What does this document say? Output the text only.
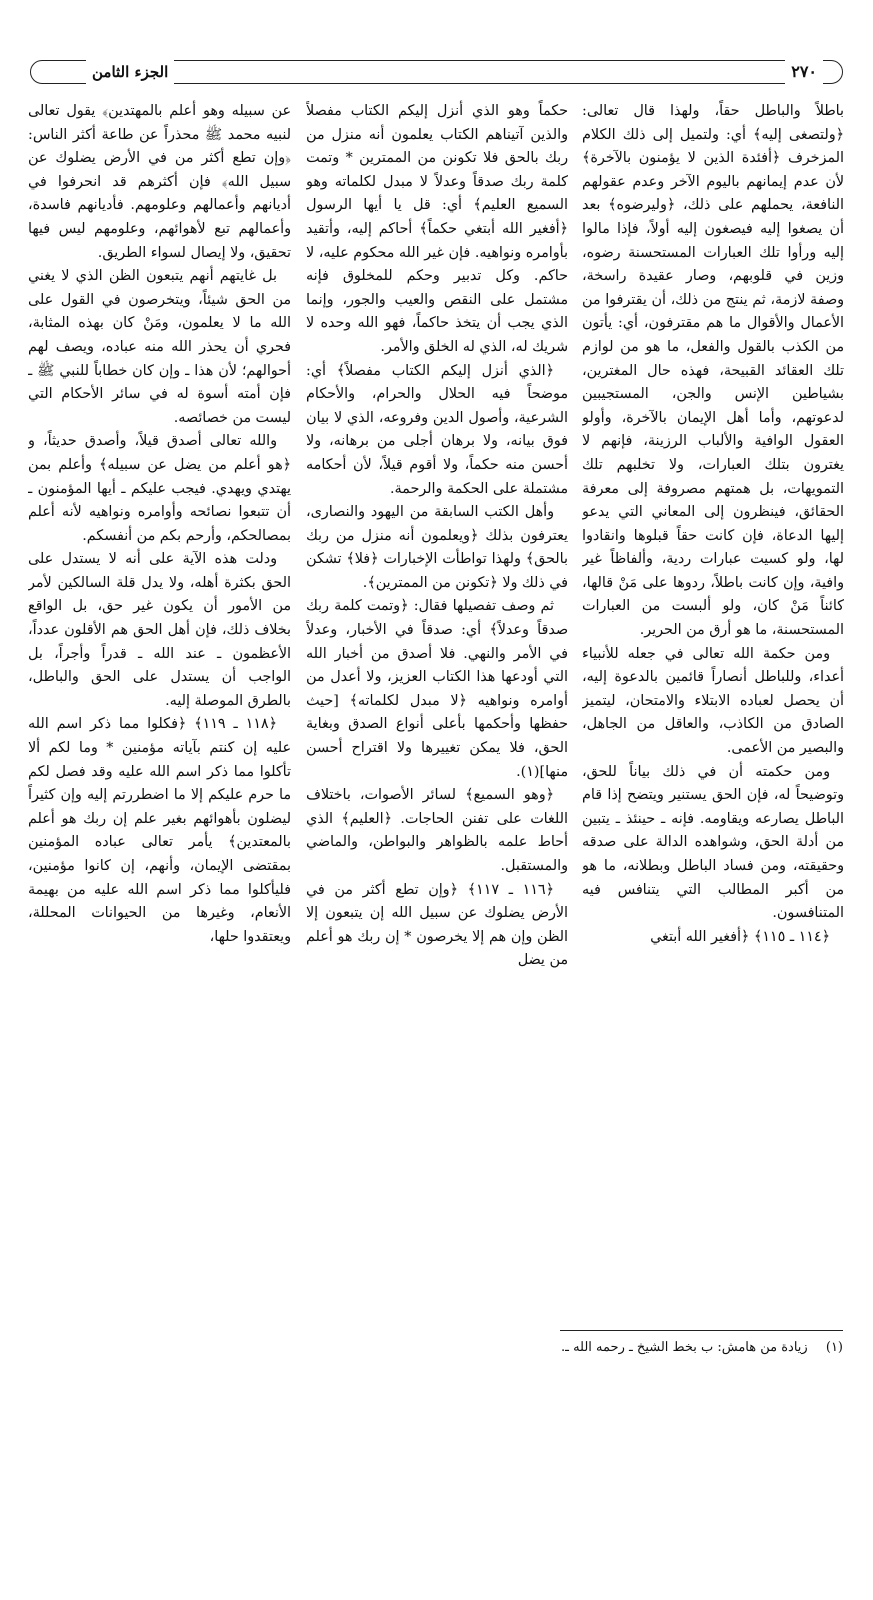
٢٧٠
الجزء الثامن

باطلاً والباطل حقاً، ولهذا قال تعالى: ﴿ولتصغى إليه﴾ أي: ولتميل إلى ذلك الكلام المزخرف ﴿أفئدة الذين لا يؤمنون بالآخرة﴾ لأن عدم إيمانهم باليوم الآخر وعدم عقولهم النافعة، يحملهم على ذلك، ﴿وليرضوه﴾ بعد أن يصغوا إليه فيصغون إليه أولاً، فإذا مالوا إليه ورأوا تلك العبارات المستحسنة رضوه، وزين في قلوبهم، وصار عقيدة راسخة، وصفة لازمة، ثم ينتج من ذلك، أن يقترفوا من الأعمال والأقوال ما هم مقترفون، أي: يأتون من الكذب بالقول والفعل، ما هو من لوازم تلك العقائد القبيحة، فهذه حال المغترين، بشياطين الإنس والجن، المستجيبين لدعوتهم، وأما أهل الإيمان بالآخرة، وأولو العقول الوافية والألباب الرزينة، فإنهم لا يغترون بتلك العبارات، ولا تخلبهم تلك التمويهات، بل همتهم مصروفة إلى معرفة الحقائق، فينظرون إلى المعاني التي يدعو إليها الدعاة، فإن كانت حقاً قبلوها وانقادوا لها، ولو كسيت عبارات ردية، وألفاظاً غير وافية، وإن كانت باطلاً، ردوها على مَنْ قالها، كائناً مَنْ كان، ولو ألبست من العبارات المستحسنة، ما هو أرق من الحرير.

ومن حكمة الله تعالى في جعله للأنبياء أعداء، وللباطل أنصاراً قائمين بالدعوة إليه، أن يحصل لعباده الابتلاء والامتحان، ليتميز الصادق من الكاذب، والعاقل من الجاهل، والبصير من الأعمى.

ومن حكمته أن في ذلك بياناً للحق، وتوضيحاً له، فإن الحق يستنير ويتضح إذا قام الباطل يصارعه ويقاومه. فإنه ـ حينئذ ـ يتبين من أدلة الحق، وشواهده الدالة على صدقه وحقيقته، ومن فساد الباطل وبطلانه، ما هو من أكبر المطالب التي يتنافس فيه المتنافسون.

﴿١١٤ ـ ١١٥﴾ ﴿أفغير الله أبتغي

حكماً وهو الذي أنزل إليكم الكتاب مفصلاً والذين آتيناهم الكتاب يعلمون أنه منزل من ربك بالحق فلا تكونن من الممترين * وتمت كلمة ربك صدقاً وعدلاً لا مبدل لكلماته وهو السميع العليم﴾ أي: قل يا أيها الرسول ﴿أفغير الله أبتغي حكماً﴾ أحاكم إليه، وأتقيد بأوامره ونواهيه. فإن غير الله محكوم عليه، لا حاكم. وكل تدبير وحكم للمخلوق فإنه مشتمل على النقص والعيب والجور، وإنما الذي يجب أن يتخذ حاكماً، فهو الله وحده لا شريك له، الذي له الخلق والأمر.

﴿الذي أنزل إليكم الكتاب مفصلاً﴾ أي: موضحاً فيه الحلال والحرام، والأحكام الشرعية، وأصول الدين وفروعه، الذي لا بيان فوق بيانه، ولا برهان أجلى من برهانه، ولا أحسن منه حكماً، ولا أقوم قيلاً، لأن أحكامه مشتملة على الحكمة والرحمة.

وأهل الكتب السابقة من اليهود والنصارى، يعترفون بذلك ﴿ويعلمون أنه منزل من ربك بالحق﴾ ولهذا تواطأت الإخبارات ﴿فلا﴾ تشكن في ذلك ولا ﴿تكونن من الممترين﴾.

ثم وصف تفصيلها فقال: ﴿وتمت كلمة ربك صدقاً وعدلاً﴾ أي: صدقاً في الأخبار، وعدلاً في الأمر والنهي. فلا أصدق من أخبار الله التي أودعها هذا الكتاب العزيز، ولا أعدل من أوامره ونواهيه ﴿لا مبدل لكلماته﴾ [حيث حفظها وأحكمها بأعلى أنواع الصدق وبغاية الحق، فلا يمكن تغييرها ولا اقتراح أحسن منها](١).

﴿وهو السميع﴾ لسائر الأصوات، باختلاف اللغات على تفنن الحاجات. ﴿العليم﴾ الذي أحاط علمه بالظواهر والبواطن، والماضي والمستقبل.

﴿١١٦ ـ ١١٧﴾ ﴿وإن تطع أكثر من في الأرض يضلوك عن سبيل الله إن يتبعون إلا الظن وإن هم إلا يخرصون * إن ربك هو أعلم من يضل

عن سبيله وهو أعلم بالمهتدين﴾ يقول تعالى لنبيه محمد ﷺ محذراً عن طاعة أكثر الناس: ﴿وإن تطع أكثر من في الأرض يضلوك عن سبيل الله﴾ فإن أكثرهم قد انحرفوا في أديانهم وأعمالهم وعلومهم. فأديانهم فاسدة، وأعمالهم تبع لأهوائهم، وعلومهم ليس فيها تحقيق، ولا إيصال لسواء الطريق.

بل غايتهم أنهم يتبعون الظن الذي لا يغني من الحق شيئاً، ويتخرصون في القول على الله ما لا يعلمون، ومَنْ كان بهذه المثابة، فحري أن يحذر الله منه عباده، ويصف لهم أحوالهم؛ لأن هذا ـ وإن كان خطاباً للنبي ﷺ ـ فإن أمته أسوة له في سائر الأحكام التي ليست من خصائصه.

والله تعالى أصدق قيلاً، وأصدق حديثاً، و ﴿هو أعلم من يضل عن سبيله﴾ وأعلم بمن يهتدي ويهدي. فيجب عليكم ـ أيها المؤمنون ـ أن تتبعوا نصائحه وأوامره ونواهيه لأنه أعلم بمصالحكم، وأرحم بكم من أنفسكم.

ودلت هذه الآية على أنه لا يستدل على الحق بكثرة أهله، ولا يدل قلة السالكين لأمر من الأمور أن يكون غير حق، بل الواقع بخلاف ذلك، فإن أهل الحق هم الأقلون عدداً، الأعظمون ـ عند الله ـ قدراً وأجراً، بل الواجب أن يستدل على الحق والباطل، بالطرق الموصلة إليه.

﴿١١٨ ـ ١١٩﴾ ﴿فكلوا مما ذكر اسم الله عليه إن كنتم بآياته مؤمنين * وما لكم ألا تأكلوا مما ذكر اسم الله عليه وقد فصل لكم ما حرم عليكم إلا ما اضطررتم إليه وإن كثيراً ليضلون بأهوائهم بغير علم إن ربك هو أعلم بالمعتدين﴾ يأمر تعالى عباده المؤمنين بمقتضى الإيمان، وأنهم، إن كانوا مؤمنين، فليأكلوا مما ذكر اسم الله عليه من بهيمة الأنعام، وغيرها من الحيوانات المحللة، ويعتقدوا حلها،

(١) زيادة من هامش: ب بخط الشيخ ـ رحمه الله ـ.
